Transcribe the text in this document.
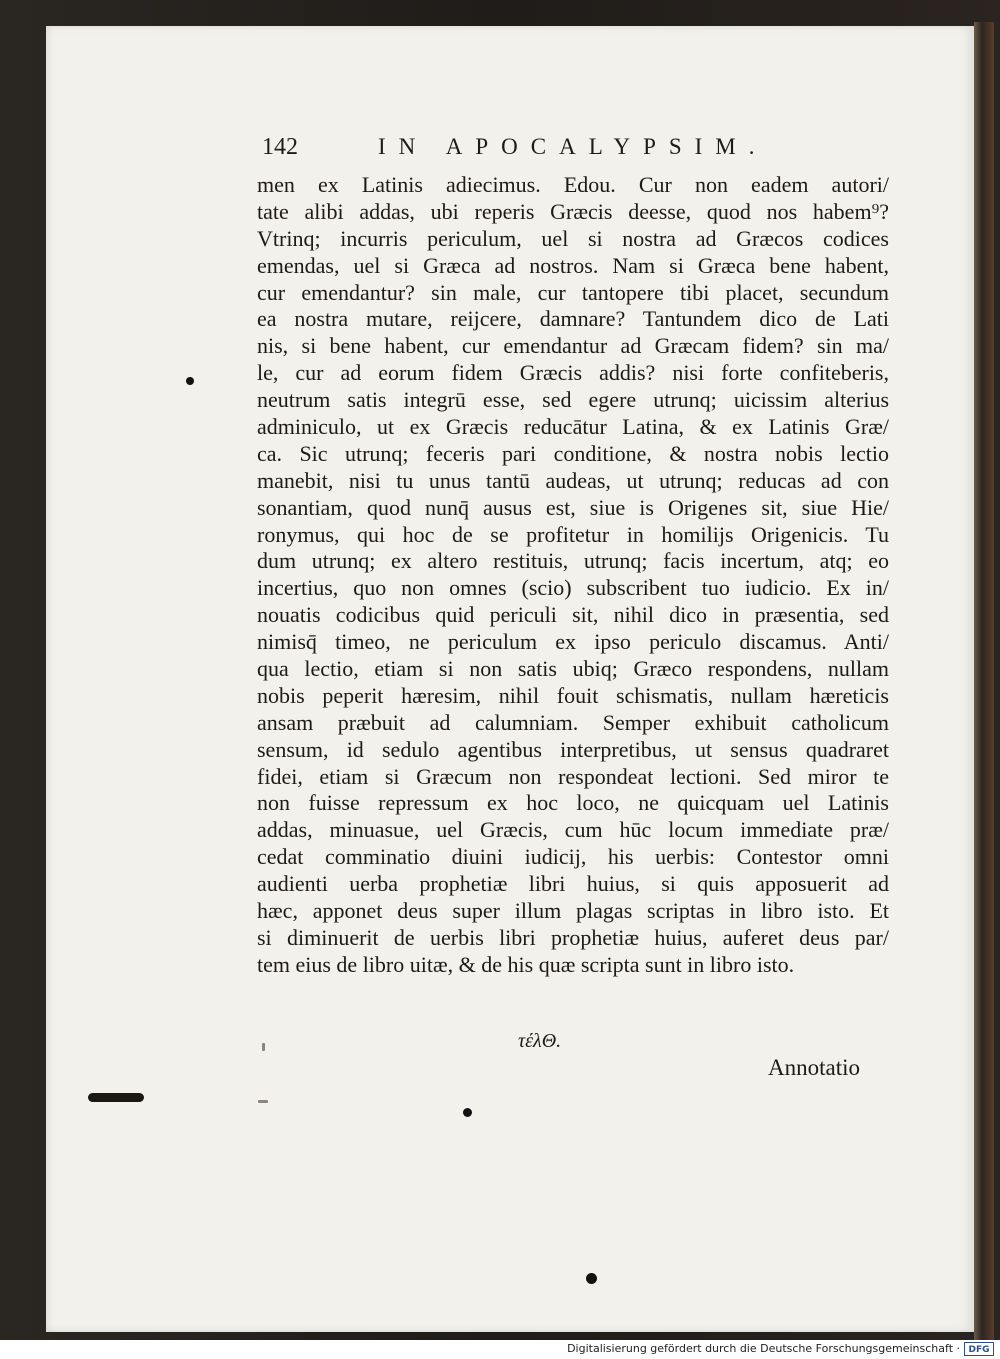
142	IN APOCALYPSIM.
men ex Latinis adiecimus. Edou. Cur non eadem autori/
tate alibi addas, ubi reperis Græcis deesse, quod nos habem⁹?
Vtrinq; incurris periculum, uel si nostra ad Græcos codices
emendas, uel si Græca ad nostros. Nam si Græca bene habent,
cur emendantur? sin male, cur tantopere tibi placet, secundum
ea nostra mutare, reijcere, damnare? Tantundem dico de Lati
nis, si bene habent, cur emendantur ad Græcam fidem? sin ma/
le, cur ad eorum fidem Græcis addis? nisi forte confiteberis,
neutrum satis integrū esse, sed egere utrunq; uicissim alterius
adminiculo, ut ex Græcis reducātur Latina, & ex Latinis Græ/
ca. Sic utrunq; feceris pari conditione, & nostra nobis lectio
manebit, nisi tu unus tantū audeas, ut utrunq; reducas ad con
sonantiam, quod nunq̄ ausus est, siue is Origenes sit, siue Hie/
ronymus, qui hoc de se profitetur in homilijs Origenicis. Tu
dum utrunq; ex altero restituis, utrunq; facis incertum, atq; eo
incertius, quo non omnes (scio) subscribent tuo iudicio. Ex in/
nouatis codicibus quid periculi sit, nihil dico in præsentia, sed
nimisq̄ timeo, ne periculum ex ipso periculo discamus. Anti/
qua lectio, etiam si non satis ubiq; Græco respondens, nullam
nobis peperit hæresim, nihil fouit schismatis, nullam hæreticis
ansam præbuit ad calumniam. Semper exhibuit catholicum
sensum, id sedulo agentibus interpretibus, ut sensus quadraret
fidei, etiam si Græcum non respondeat lectioni. Sed miror te
non fuisse repressum ex hoc loco, ne quicquam uel Latinis
addas, minuasue, uel Græcis, cum hūc locum immediate præ/
cedat comminatio diuini iudicij, his uerbis: Contestor omni
audienti uerba prophetiæ libri huius, si quis apposuerit ad
hæc, apponet deus super illum plagas scriptas in libro isto. Et
si diminuerit de uerbis libri prophetiæ huius, auferet deus par/
tem eius de libro uitæ, & de his quæ scripta sunt in libro isto.
τέλΘ.
Annotatio
Digitalisierung gefördert durch die Deutsche Forschungsgemeinschaft · DFG
